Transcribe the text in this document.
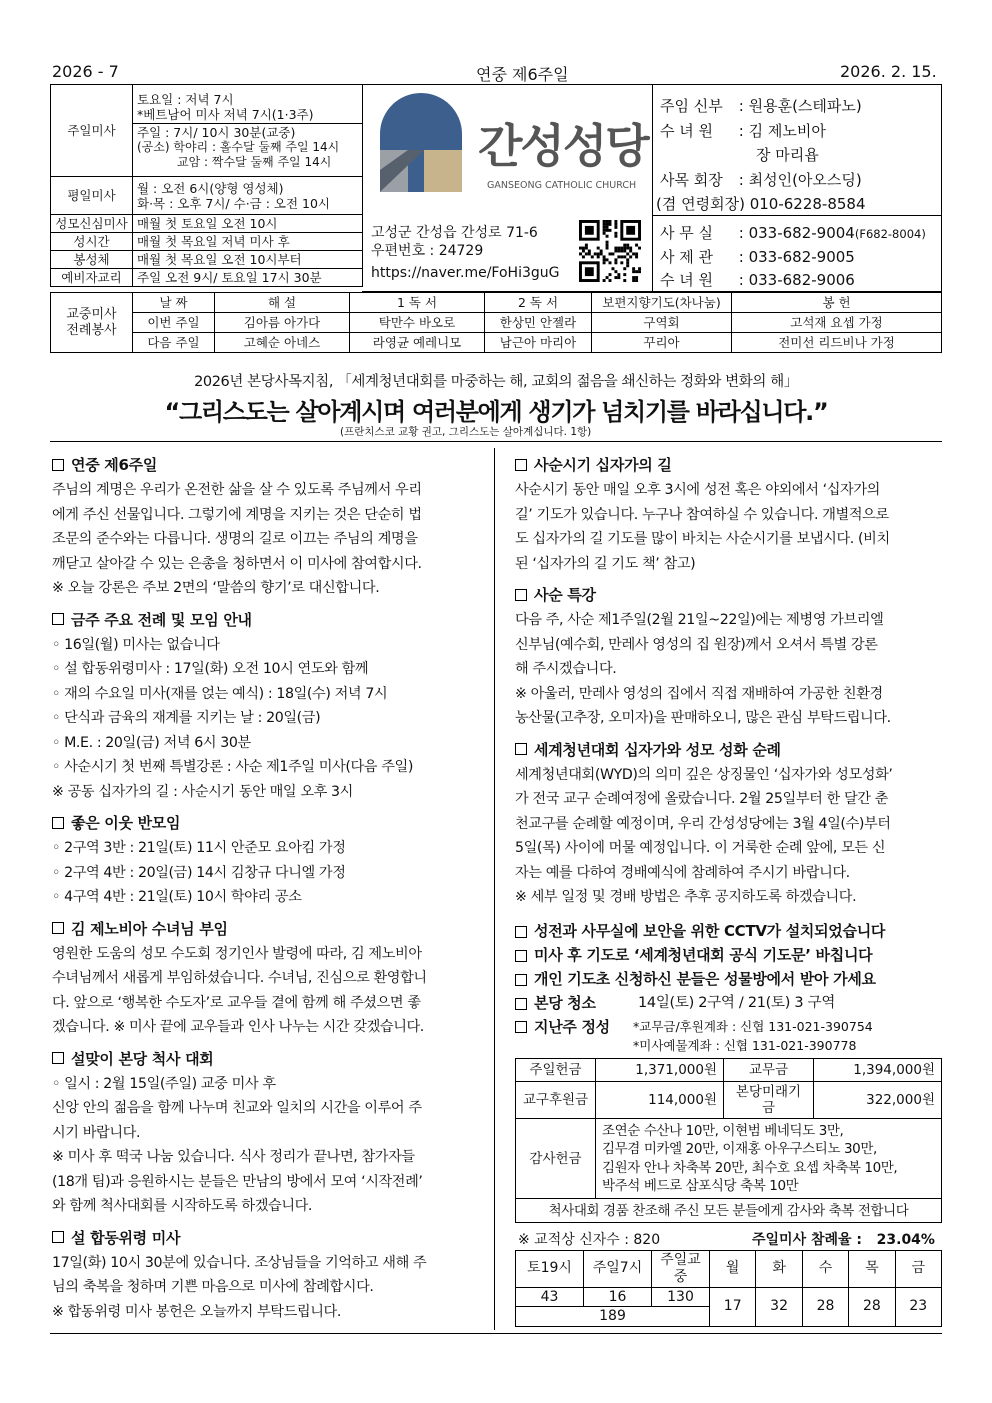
2026 - 7	연중 제6주일	2026. 2. 15.
주일미사	토요일 : 저녁 7시
*베트남어 미사 저녁 7시(1·3주)
주일 : 7시/ 10시 30분(교중)
(공소) 학야리 : 홀수달 둘째 주일 14시
교암 : 짝수달 둘째 주일 14시

평일미사	월 : 오전 6시(양형 영성체)
화·목 : 오후 7시/ 수·금 : 오전 10시

성모신심미사	매월 첫 토요일 오전 10시
성시간	매월 첫 목요일 저녁 미사 후
봉성체	매월 첫 목요일 오전 10시부터
예비자교리	주일 오전 9시/ 토요일 17시 30분
간성성당
GANSEONG CATHOLIC CHURCH
고성군 간성읍 간성로 71-6
우편번호 : 24729
https://naver.me/FoHi3guG
주임 신부 : 원용훈(스테파노)
수 녀 원 : 김 제노비아
장 마리욥
사목 회장 : 최성인(아오스딩)
(겸 연령회장) 010-6228-8584
사 무 실 : 033-682-9004(F682-8004)
사 제 관 : 033-682-9005
수 녀 원 : 033-682-9006
교중미사
전례봉사	날 짜	해 설	1 독 서	2 독 서	보편지향기도(차나눔)	봉 헌
	이번 주일	김아름 아가다	탁만수 바오로	한상민 안젤라	구역회	고석재 요셉 가정
	다음 주일	고혜순 아네스	라영균 예레니모	남근아 마리아	꾸리아	전미선 리드비나 가정
2026년 본당사목지침, 「세계청년대회를 마중하는 해, 교회의 젊음을 쇄신하는 정화와 변화의 해」
“그리스도는 살아계시며 여러분에게 생기가 넘치기를 바라십니다.”
(프란치스코 교황 권고, 그리스도는 살아계십니다. 1항)
연중 제6주일

주님의 계명은 우리가 온전한 삶을 살 수 있도록 주님께서 우리

에게 주신 선물입니다. 그렇기에 계명을 지키는 것은 단순히 법

조문의 준수와는 다릅니다. 생명의 길로 이끄는 주님의 계명을

깨닫고 살아갈 수 있는 은총을 청하면서 이 미사에 참여합시다.

※ 오늘 강론은 주보 2면의 ‘말씀의 향기’로 대신합니다.

금주 주요 전례 및 모임 안내

◦ 16일(월) 미사는 없습니다

◦ 설 합동위령미사 : 17일(화) 오전 10시 연도와 함께

◦ 재의 수요일 미사(재를 얹는 예식) : 18일(수) 저녁 7시

◦ 단식과 금육의 재계를 지키는 날 : 20일(금)

◦ M.E. : 20일(금) 저녁 6시 30분

◦ 사순시기 첫 번째 특별강론 : 사순 제1주일 미사(다음 주일)

※ 공동 십자가의 길 : 사순시기 동안 매일 오후 3시

좋은 이웃 반모임

◦ 2구역 3반 : 21일(토) 11시 안준모 요아킴 가정

◦ 2구역 4반 : 20일(금) 14시 김창규 다니엘 가정

◦ 4구역 4반 : 21일(토) 10시 학야리 공소

김 제노비아 수녀님 부임

영원한 도움의 성모 수도회 정기인사 발령에 따라, 김 제노비아

수녀님께서 새롭게 부임하셨습니다. 수녀님, 진심으로 환영합니

다. 앞으로 ‘행복한 수도자’로 교우들 곁에 함께 해 주셨으면 좋

겠습니다. ※ 미사 끝에 교우들과 인사 나누는 시간 갖겠습니다.

설맞이 본당 척사 대회

◦ 일시 : 2월 15일(주일) 교중 미사 후

신앙 안의 젊음을 함께 나누며 친교와 일치의 시간을 이루어 주

시기 바랍니다.

※ 미사 후 떡국 나눔 있습니다. 식사 정리가 끝나면, 참가자들

(18개 팀)과 응원하시는 분들은 만남의 방에서 모여 ‘시작전례’

와 함께 척사대회를 시작하도록 하겠습니다.

설 합동위령 미사

17일(화) 10시 30분에 있습니다. 조상님들을 기억하고 새해 주

님의 축복을 청하며 기쁜 마음으로 미사에 참례합시다.

※ 합동위령 미사 봉헌은 오늘까지 부탁드립니다.

사순시기 십자가의 길

사순시기 동안 매일 오후 3시에 성전 혹은 야외에서 ‘십자가의

길’ 기도가 있습니다. 누구나 참여하실 수 있습니다. 개별적으로

도 십자가의 길 기도를 많이 바치는 사순시기를 보냅시다. (비치

된 ‘십자가의 길 기도 책’ 참고)

사순 특강

다음 주, 사순 제1주일(2월 21일~22일)에는 제병영 가브리엘

신부님(예수회, 만레사 영성의 집 원장)께서 오셔서 특별 강론

해 주시겠습니다.

※ 아울러, 만레사 영성의 집에서 직접 재배하여 가공한 친환경

농산물(고추장, 오미자)을 판매하오니, 많은 관심 부탁드립니다.

세계청년대회 십자가와 성모 성화 순례

세계청년대회(WYD)의 의미 깊은 상징물인 ‘십자가와 성모성화’

가 전국 교구 순례여정에 올랐습니다. 2월 25일부터 한 달간 춘

천교구를 순례할 예정이며, 우리 간성성당에는 3월 4일(수)부터

5일(목) 사이에 머물 예정입니다. 이 거룩한 순례 앞에, 모든 신

자는 예를 다하여 경배예식에 참례하여 주시기 바랍니다.

※ 세부 일정 및 경배 방법은 추후 공지하도록 하겠습니다.

성전과 사무실에 보안을 위한 CCTV가 설치되었습니다
미사 후 기도로 ‘세계청년대회 공식 기도문’ 바칩니다
개인 기도초 신청하신 분들은 성물방에서 받아 가세요
본당 청소	14일(토) 2구역 / 21(토) 3 구역
지난주 정성 *교무금/후원계좌 : 신협 131-021-390754
*미사예물계좌 : 신협 131-021-390778
주일헌금	1,371,000원	교무금	1,394,000원
교구후원금	114,000원	본당미래기금	322,000원
감사헌금	조연순 수산나 10만, 이현범 베네딕도 3만,
김무겸 미카엘 20만, 이재홍 아우구스티노 30만,
김원자 안나 차축복 20만, 최수호 요셉 차축복 10만,
박주석 베드로 삼포식당 축복 10만		

척사대회 경품 찬조해 주신 모든 분들에게 감사와 축복 전합니다			
※ 교적상 신자수 : 820	주일미사 참례율 : 23.04%
토19시	주일7시	주일교중	월	화	수	목	금
43	16	130	17	32	28	28	23
189							
